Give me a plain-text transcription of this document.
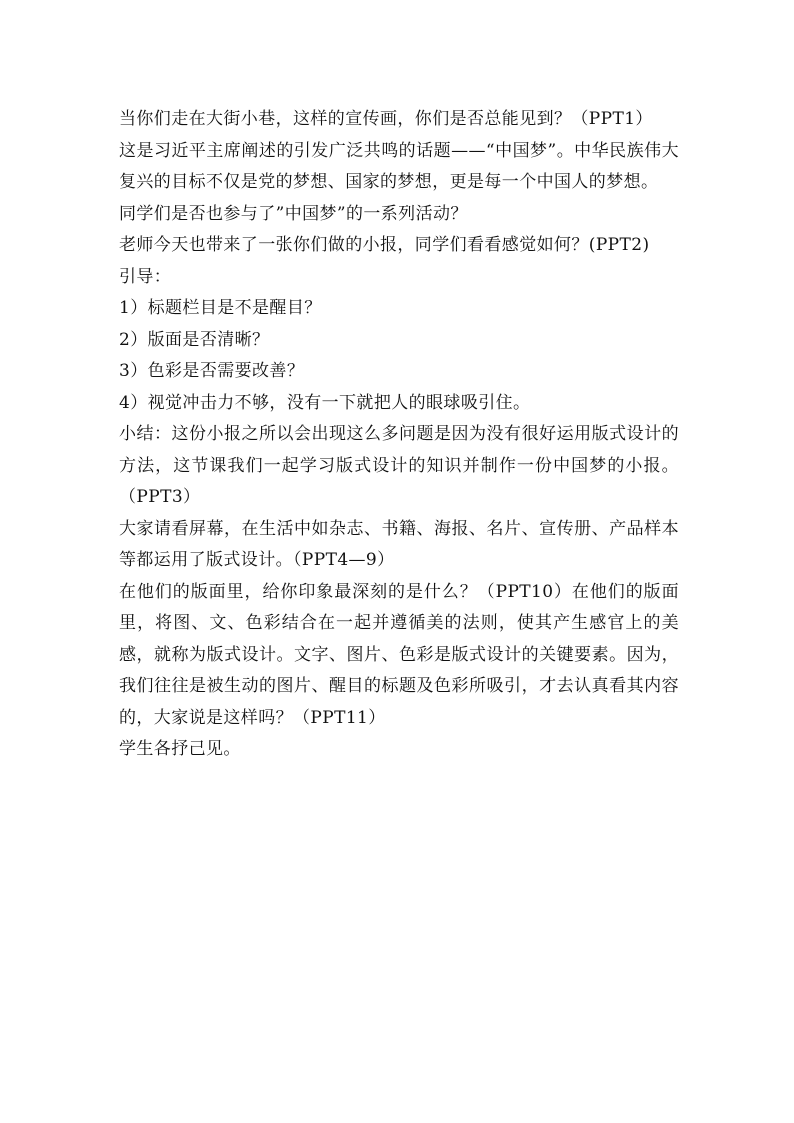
当你们走在大街小巷，这样的宣传画，你们是否总能见到？（PPT1）

这是习近平主席阐述的引发广泛共鸣的话题——“中国梦”。中华民族伟大复兴的目标不仅是党的梦想、国家的梦想，更是每一个中国人的梦想。

同学们是否也参与了”中国梦”的一系列活动？

老师今天也带来了一张你们做的小报，同学们看看感觉如何？(PPT2)

引导：

1）标题栏目是不是醒目？

2）版面是否清晰？

3）色彩是否需要改善？

4）视觉冲击力不够，没有一下就把人的眼球吸引住。

小结：这份小报之所以会出现这么多问题是因为没有很好运用版式设计的方法，这节课我们一起学习版式设计的知识并制作一份中国梦的小报。（PPT3）

大家请看屏幕，在生活中如杂志、书籍、海报、名片、宣传册、产品样本等都运用了版式设计。（PPT4—9）

在他们的版面里，给你印象最深刻的是什么？（PPT10）在他们的版面里，将图、文、色彩结合在一起并遵循美的法则，使其产生感官上的美感，就称为版式设计。文字、图片、色彩是版式设计的关键要素。因为，我们往往是被生动的图片、醒目的标题及色彩所吸引，才去认真看其内容的，大家说是这样吗？（PPT11）

学生各抒己见。
